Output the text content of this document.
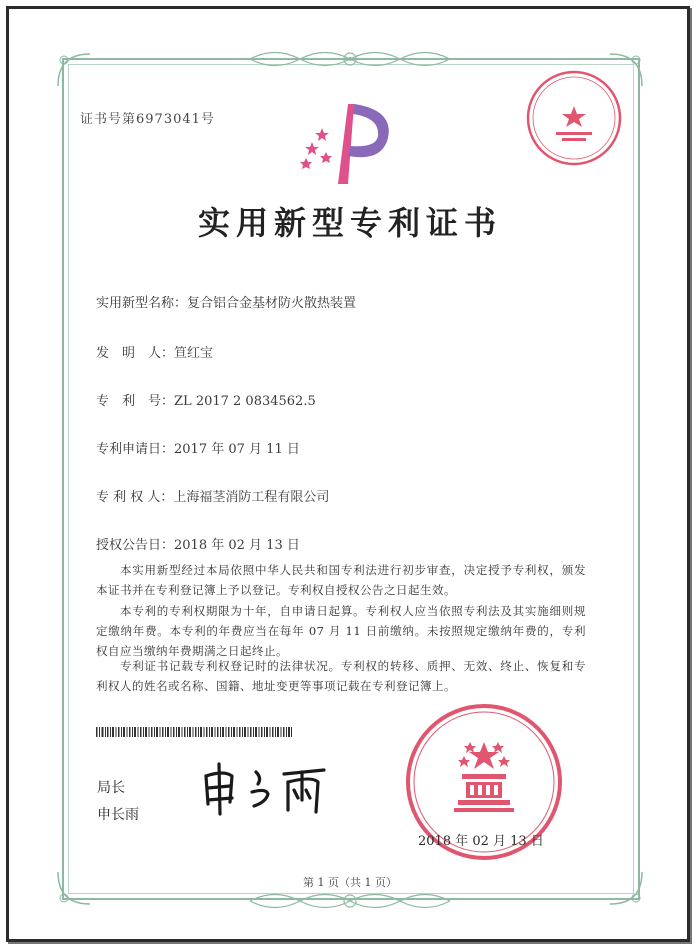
证书号第6973041号
实用新型专利证书
实用新型名称：复合铝合金基材防火散热装置
发　明　人：笪红宝
专　利　号：ZL 2017 2 0834562.5
专利申请日：2017 年 07 月 11 日
专 利 权 人：上海福茎消防工程有限公司
授权公告日：2018 年 02 月 13 日
本实用新型经过本局依照中华人民共和国专利法进行初步审查，决定授予专利权，颁发本证书并在专利登记簿上予以登记。专利权自授权公告之日起生效。
本专利的专利权期限为十年，自申请日起算。专利权人应当依照专利法及其实施细则规定缴纳年费。本专利的年费应当在每年 07 月 11 日前缴纳。未按照规定缴纳年费的，专利权自应当缴纳年费期满之日起终止。
专利证书记载专利权登记时的法律状况。专利权的转移、质押、无效、终止、恢复和专利权人的姓名或名称、国籍、地址变更等事项记载在专利登记簿上。
局长
申长雨
2018 年 02 月 13 日
第 1 页（共 1 页）
